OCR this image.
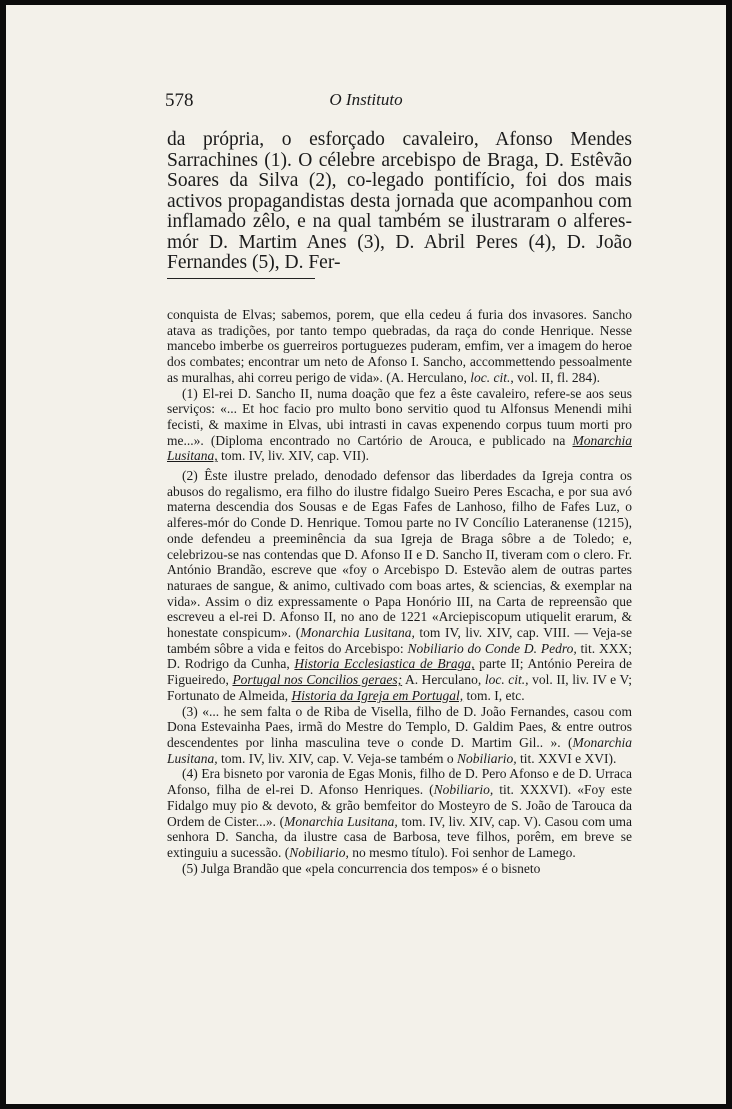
578	O Instituto

da própria, o esforçado cavaleiro, Afonso Mendes Sarrachines (1). O célebre arcebispo de Braga, D. Estêvão Soares da Silva (2), co-legado pontifício, foi dos mais activos propagandistas desta jornada que acompanhou com inflamado zêlo, e na qual também se ilustraram o alferes-mór D. Martim Anes (3), D. Abril Peres (4), D. João Fernandes (5), D. Fer-

conquista de Elvas; sabemos, porem, que ella cedeu á furia dos invasores. Sancho atava as tradições, por tanto tempo quebradas, da raça do conde Henrique. Nesse mancebo imberbe os guerreiros portuguezes puderam, emfim, ver a imagem do heroe dos combates; encontrar um neto de Afonso I. Sancho, accommettendo pessoalmente as muralhas, ahi correu perigo de vida». (A. Herculano, loc. cit., vol. II, fl. 284).

(1) El-rei D. Sancho II, numa doação que fez a êste cavaleiro, refere-se aos seus serviços: «... Et hoc facio pro multo bono servitio quod tu Alfonsus Menendi mihi fecisti, & maxime in Elvas, ubi intrasti in cavas expenendo corpus tuum morti pro me...». (Diploma encontrado no Cartório de Arouca, e publicado na Monarchia Lusitana, tom. IV, liv. XIV, cap. VII).

(2) Êste ilustre prelado, denodado defensor das liberdades da Igreja contra os abusos do regalismo, era filho do ilustre fidalgo Sueiro Peres Escacha, e por sua avó materna descendia dos Sousas e de Egas Fafes de Lanhoso, filho de Fafes Luz, o alferes-mór do Conde D. Henrique. Tomou parte no IV Concílio Lateranense (1215), onde defendeu a preeminência da sua Igreja de Braga sôbre a de Toledo; e, celebrizou-se nas contendas que D. Afonso II e D. Sancho II, tiveram com o clero. Fr. António Brandão, escreve que «foy o Arcebispo D. Estevão alem de outras partes naturaes de sangue, & animo, cultivado com boas artes, & sciencias, & exemplar na vida». Assim o diz expressamente o Papa Honório III, na Carta de repreensão que escreveu a el-rei D. Afonso II, no ano de 1221 «Arciepiscopum utiquelit erarum, & honestate conspicum». (Monarchia Lusitana, tom IV, liv. XIV, cap. VIII. — Veja-se também sôbre a vida e feitos do Arcebispo: Nobiliario do Conde D. Pedro, tit. XXX; D. Rodrigo da Cunha, Historia Ecclesiastica de Braga, parte II; António Pereira de Figueiredo, Portugal nos Concilios geraes; A. Herculano, loc. cit., vol. II, liv. IV e V; Fortunato de Almeida, Historia da Igreja em Portugal, tom. I, etc.

(3) «... he sem falta o de Riba de Visella, filho de D. João Fernandes, casou com Dona Estevainha Paes, irmã do Mestre do Templo, D. Galdim Paes, & entre outros descendentes por linha masculina teve o conde D. Martim Gil.. ». (Monarchia Lusitana, tom. IV, liv. XIV, cap. V. Veja-se também o Nobiliario, tit. XXVI e XVI).

(4) Era bisneto por varonia de Egas Monis, filho de D. Pero Afonso e de D. Urraca Afonso, filha de el-rei D. Afonso Henriques. (Nobiliario, tit. XXXVI). «Foy este Fidalgo muy pio & devoto, & grão bemfeitor do Mosteyro de S. João de Tarouca da Ordem de Cister...». (Monarchia Lusitana, tom. IV, liv. XIV, cap. V). Casou com uma senhora D. Sancha, da ilustre casa de Barbosa, teve filhos, porêm, em breve se extinguiu a sucessão. (Nobiliario, no mesmo título). Foi senhor de Lamego.

(5) Julga Brandão que «pela concurrencia dos tempos» é o bisneto
